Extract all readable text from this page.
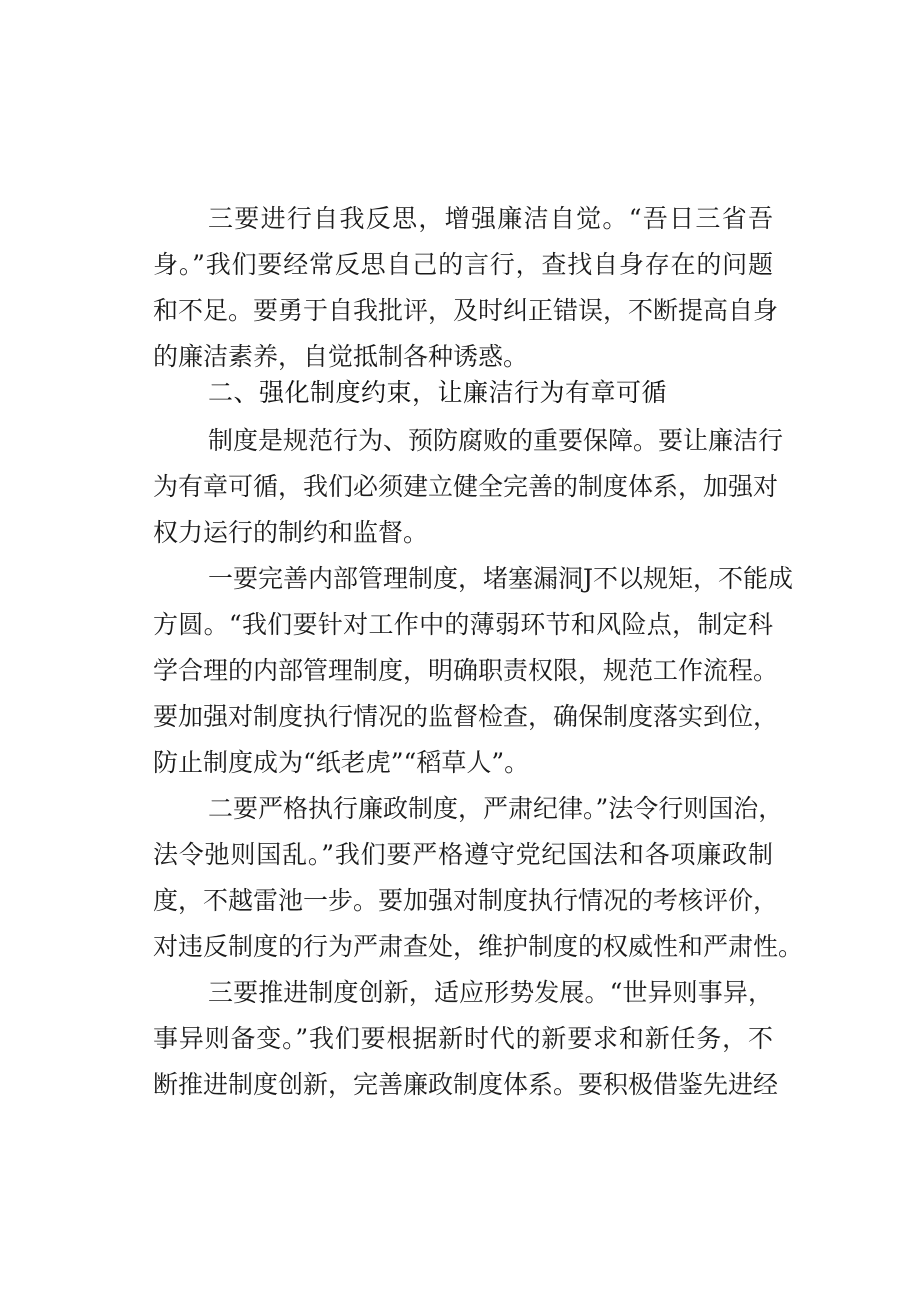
三要进行自我反思，增强廉洁自觉。“吾日三省吾
身。”我们要经常反思自己的言行，查找自身存在的问题
和不足。要勇于自我批评，及时纠正错误，不断提高自身
的廉洁素养，自觉抵制各种诱惑。
二、强化制度约束，让廉洁行为有章可循
制度是规范行为、预防腐败的重要保障。要让廉洁行
为有章可循，我们必须建立健全完善的制度体系，加强对
权力运行的制约和监督。
一要完善内部管理制度，堵塞漏洞J不以规矩，不能成
方圆。“我们要针对工作中的薄弱环节和风险点，制定科
学合理的内部管理制度，明确职责权限，规范工作流程。
要加强对制度执行情况的监督检查，确保制度落实到位，
防止制度成为“纸老虎”“稻草人”。
二要严格执行廉政制度，严肃纪律。”法令行则国治，
法令弛则国乱。”我们要严格遵守党纪国法和各项廉政制
度，不越雷池一步。要加强对制度执行情况的考核评价，
对违反制度的行为严肃查处，维护制度的权威性和严肃性。
三要推进制度创新，适应形势发展。“世异则事异，
事异则备变。”我们要根据新时代的新要求和新任务，不
断推进制度创新，完善廉政制度体系。要积极借鉴先进经
